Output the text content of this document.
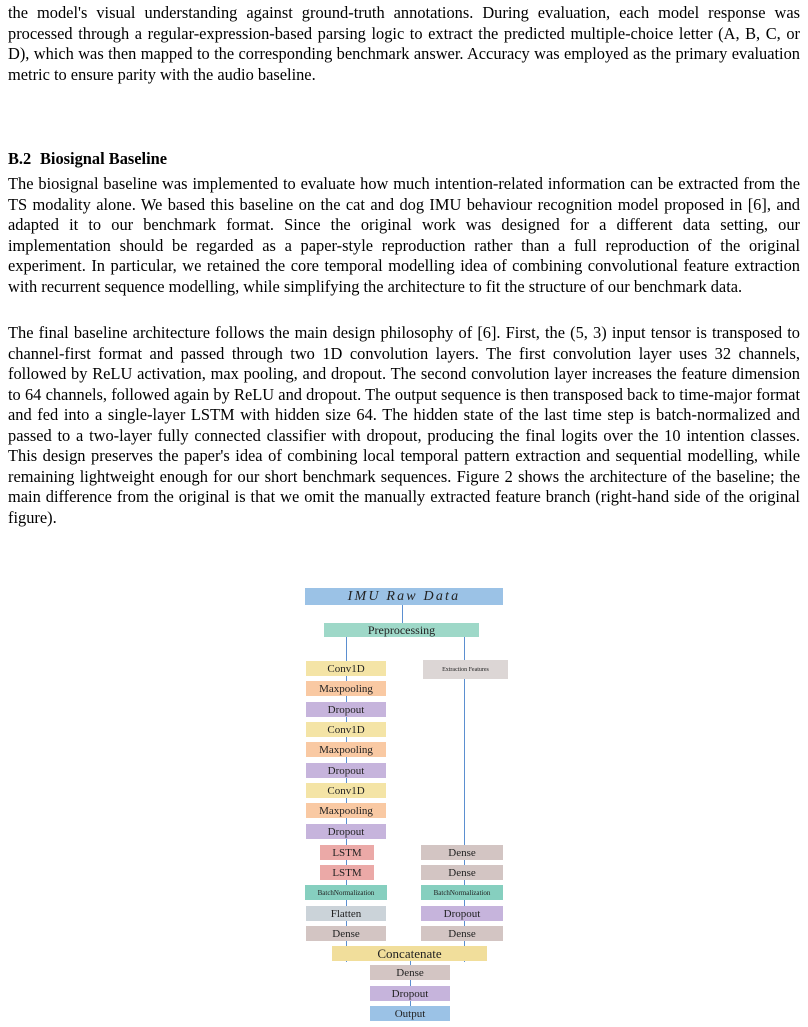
the model's visual understanding against ground-truth annotations. During evaluation, each model response was processed through a regular-expression-based parsing logic to extract the predicted multiple-choice letter (A, B, C, or D), which was then mapped to the corresponding benchmark answer. Accuracy was employed as the primary evaluation metric to ensure parity with the audio baseline.

B.2 Biosignal Baseline

The biosignal baseline was implemented to evaluate how much intention-related information can be extracted from the TS modality alone. We based this baseline on the cat and dog IMU behaviour recognition model proposed in [6], and adapted it to our benchmark format. Since the original work was designed for a different data setting, our implementation should be regarded as a paper-style reproduction rather than a full reproduction of the original experiment. In particular, we retained the core temporal modelling idea of combining convolutional feature extraction with recurrent sequence modelling, while simplifying the architecture to fit the structure of our benchmark data.

The final baseline architecture follows the main design philosophy of [6]. First, the (5, 3) input tensor is transposed to channel-first format and passed through two 1D convolution layers. The first convolution layer uses 32 channels, followed by ReLU activation, max pooling, and dropout. The second convolution layer increases the feature dimension to 64 channels, followed again by ReLU and dropout. The output sequence is then transposed back to time-major format and fed into a single-layer LSTM with hidden size 64. The hidden state of the last time step is batch-normalized and passed to a two-layer fully connected classifier with dropout, producing the final logits over the 10 intention classes. This design preserves the paper's idea of combining local temporal pattern extraction and sequential modelling, while remaining lightweight enough for our short benchmark sequences. Figure 2 shows the architecture of the baseline; the main difference from the original is that we omit the manually extracted feature branch (right-hand side of the original figure).

IMU Raw Data
Preprocessing
Conv1D
Maxpooling
Dropout
Conv1D
Maxpooling
Dropout
Conv1D
Maxpooling
Dropout
LSTM
LSTM
BatchNormalization
Flatten
Dense
Extraction Features
Dense
Dense
BatchNormalization
Dropout
Dense
Concatenate
Dense
Dropout
Output
